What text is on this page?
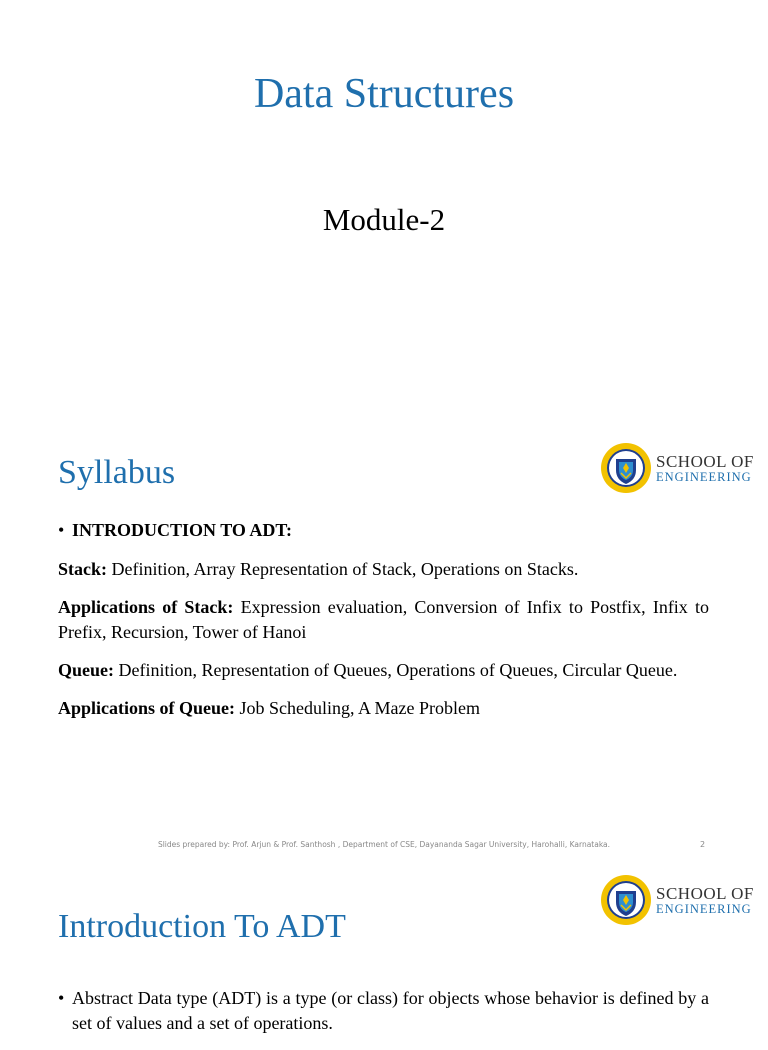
Data Structures
Module-2
Syllabus	SCHOOL OF
ENGINEERING
• INTRODUCTION TO ADT:

Stack: Definition, Array Representation of Stack, Operations on Stacks.

Applications of Stack: Expression evaluation, Conversion of Infix to Postfix, Infix to Prefix, Recursion, Tower of Hanoi

Queue: Definition, Representation of Queues, Operations of Queues, Circular Queue.

Applications of Queue: Job Scheduling, A Maze Problem

Slides prepared by: Prof. Arjun & Prof. Santhosh , Department of CSE, Dayananda Sagar University, Harohalli, Karnataka.	2
SCHOOL OF
ENGINEERING
Introduction To ADT
• Abstract Data type (ADT) is a type (or class) for objects whose behavior is defined by a set of values and a set of operations.
